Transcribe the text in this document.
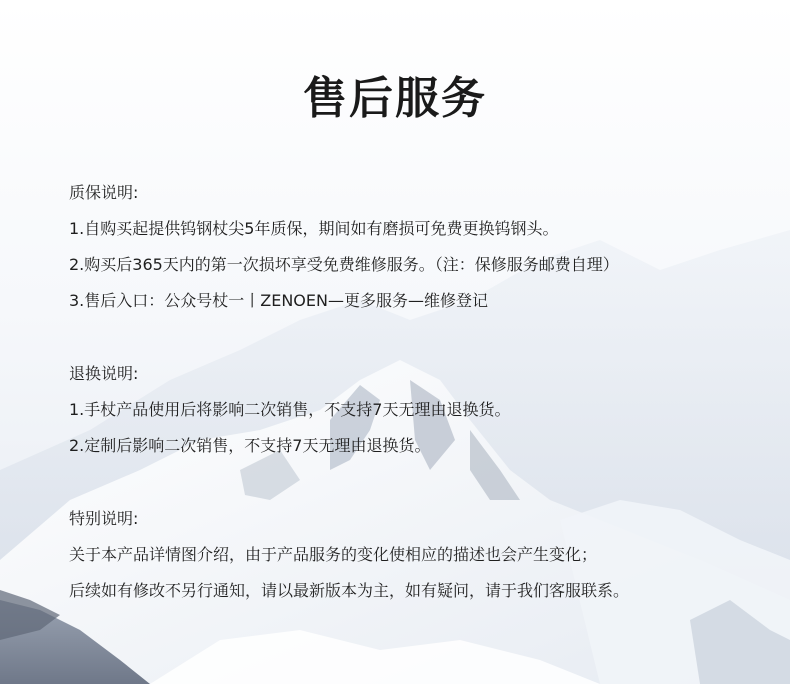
售后服务
质保说明:
1.自购买起提供钨钢杖尖5年质保，期间如有磨损可免费更换钨钢头。
2.购买后365天内的第一次损坏享受免费维修服务。（注：保修服务邮费自理）
3.售后入口：公众号杖一丨ZENOEN—更多服务—维修登记
退换说明:
1.手杖产品使用后将影响二次销售，不支持7天无理由退换货。
2.定制后影响二次销售，不支持7天无理由退换货。
特别说明:
关于本产品详情图介绍，由于产品服务的变化使相应的描述也会产生变化；
后续如有修改不另行通知，请以最新版本为主，如有疑问，请于我们客服联系。
